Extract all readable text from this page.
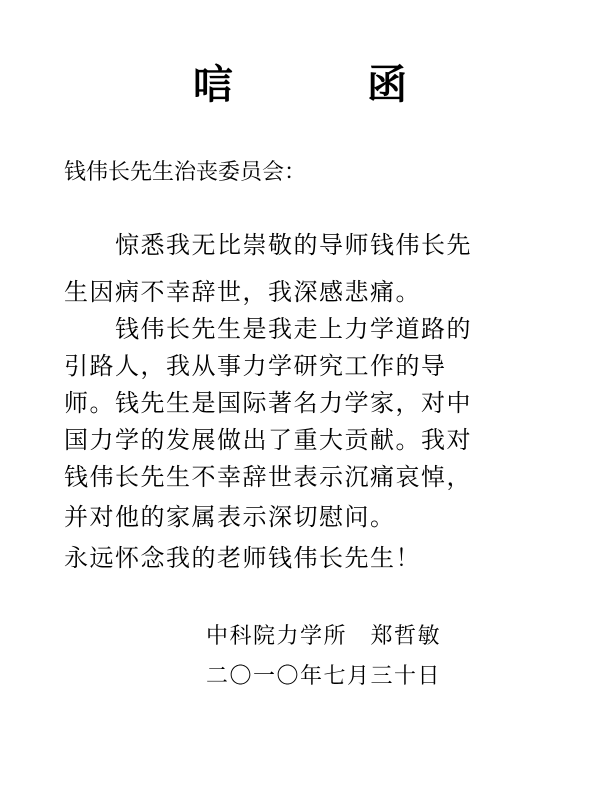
唁 函
钱伟长先生治丧委员会：
　　惊悉我无比崇敬的导师钱伟长先
生因病不幸辞世，我深感悲痛。
　　钱伟长先生是我走上力学道路的
引路人，我从事力学研究工作的导
师。钱先生是国际著名力学家，对中
国力学的发展做出了重大贡献。我对
钱伟长先生不幸辞世表示沉痛哀悼，
并对他的家属表示深切慰问。
永远怀念我的老师钱伟长先生！
中科院力学所　郑哲敏
二〇一〇年七月三十日
